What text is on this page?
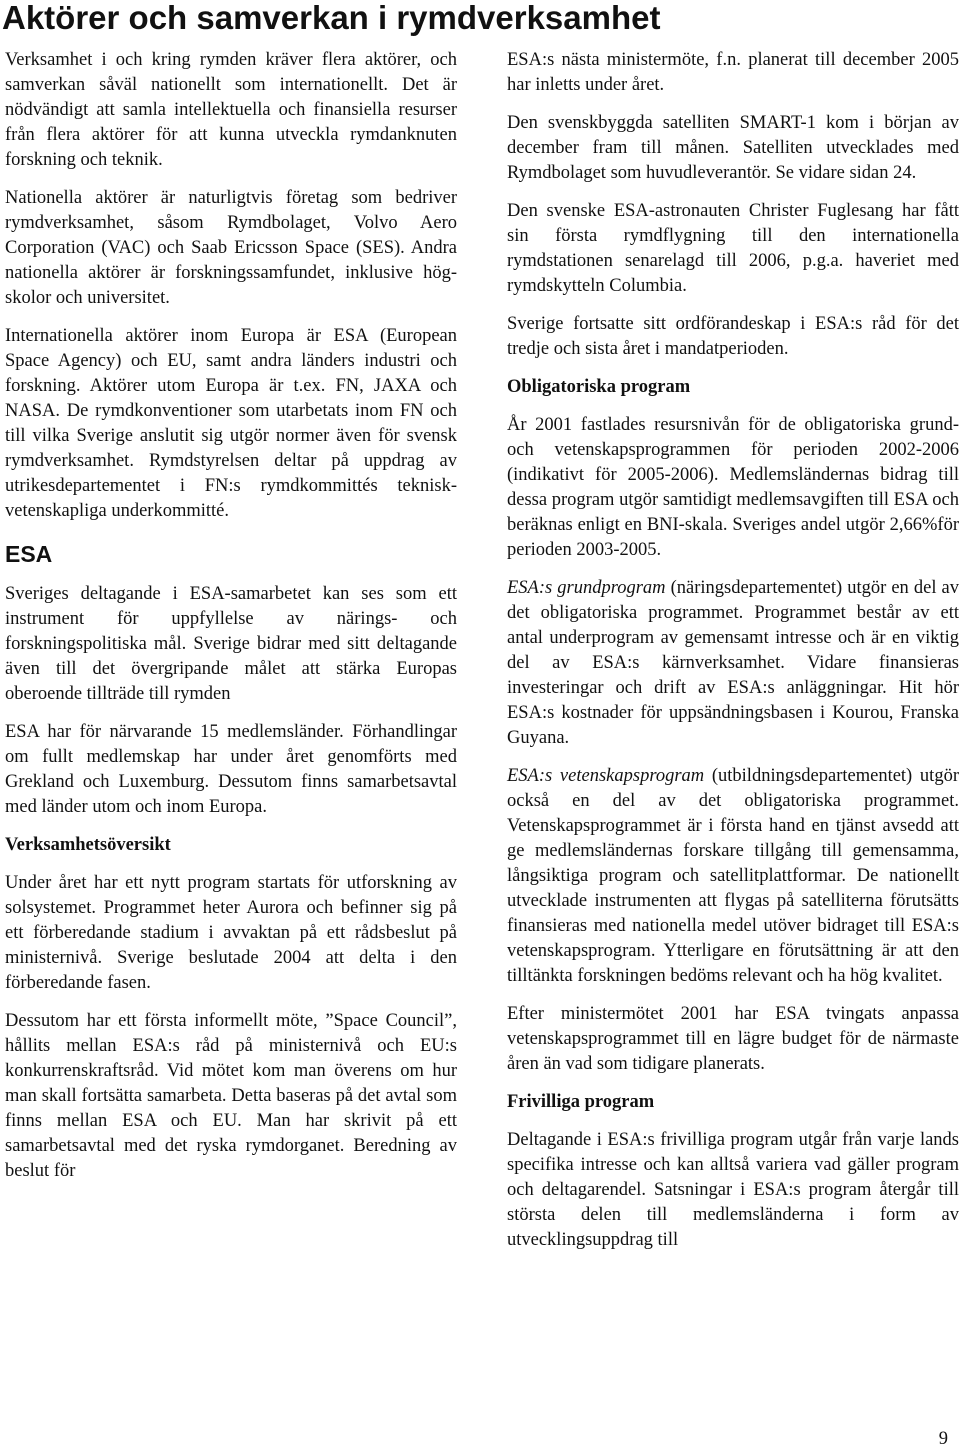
Aktörer och samverkan i rymdverksamhet

Verksamhet i och kring rymden kräver flera aktörer, och samverkan såväl nationellt som internationellt. Det är nödvändigt att samla intellektuella och finansiella resurser från flera aktörer för att kunna utveckla rymdanknuten forskning och teknik.

Nationella aktörer är naturligtvis företag som bedriver rymdverksamhet, såsom Rymdbolaget, Volvo Aero Corporation (VAC) och Saab Ericsson Space (SES). Andra nationella aktörer är forskningssamfundet, inklusive hög-skolor och universitet.

Internationella aktörer inom Europa är ESA (European Space Agency) och EU, samt andra länders industri och forskning. Aktörer utom Europa är t.ex. FN, JAXA och NASA. De rymdkonventioner som utarbetats inom FN och till vilka Sverige anslutit sig utgör normer även för svensk rymdverksamhet. Rymdstyrelsen deltar på uppdrag av utrikesdepartementet i FN:s rymdkommittés teknisk-vetenskapliga underkommitté.

ESA

Sveriges deltagande i ESA-samarbetet kan ses som ett instrument för uppfyllelse av närings- och forskningspolitiska mål. Sverige bidrar med sitt deltagande även till det övergripande målet att stärka Europas oberoende tillträde till rymden

ESA har för närvarande 15 medlemsländer. Förhandlingar om fullt medlemskap har under året genomförts med Grekland och Luxemburg. Dessutom finns samarbetsavtal med länder utom och inom Europa.

Verksamhetsöversikt

Under året har ett nytt program startats för utforskning av solsystemet. Programmet heter Aurora och befinner sig på ett förberedande stadium i avvaktan på ett rådsbeslut på ministernivå. Sverige beslutade 2004 att delta i den förberedande fasen.

Dessutom har ett första informellt möte, ”Space Council”, hållits mellan ESA:s råd på ministernivå och EU:s konkurrenskraftsråd. Vid mötet kom man överens om hur man skall fortsätta samarbeta. Detta baseras på det avtal som finns mellan ESA och EU. Man har skrivit på ett samarbetsavtal med det ryska rymdorganet. Beredning av beslut för

ESA:s nästa ministermöte, f.n. planerat till december 2005 har inletts under året.

Den svenskbyggda satelliten SMART-1 kom i början av december fram till månen. Satelliten utvecklades med Rymdbolaget som huvudleverantör. Se vidare sidan 24.

Den svenske ESA-astronauten Christer Fuglesang har fått sin första rymdflygning till den internationella rymdstationen senarelagd till 2006, p.g.a. haveriet med rymdskytteln Columbia.

Sverige fortsatte sitt ordförandeskap i ESA:s råd för det tredje och sista året i mandatperioden.

Obligatoriska program

År 2001 fastlades resursnivån för de obligatoriska grund- och vetenskapsprogrammen för perioden 2002-2006 (indikativt för 2005-2006). Medlemsländernas bidrag till dessa program utgör samtidigt medlemsavgiften till ESA och beräknas enligt en BNI-skala. Sveriges andel utgör 2,66%för perioden 2003-2005.

ESA:s grundprogram (näringsdepartementet) utgör en del av det obligatoriska programmet. Programmet består av ett antal underprogram av gemensamt intresse och är en viktig del av ESA:s kärnverksamhet. Vidare finansieras investeringar och drift av ESA:s anläggningar. Hit hör ESA:s kostnader för uppsändningsbasen i Kourou, Franska Guyana.

ESA:s vetenskapsprogram (utbildningsdepartementet) utgör också en del av det obligatoriska programmet. Vetenskapsprogrammet är i första hand en tjänst avsedd att ge medlemsländernas forskare tillgång till gemensamma, långsiktiga program och satellitplattformar. De nationellt utvecklade instrumenten att flygas på satelliterna förutsätts finansieras med nationella medel utöver bidraget till ESA:s vetenskapsprogram. Ytterligare en förutsättning är att den tilltänkta forskningen bedöms relevant och ha hög kvalitet.

Efter ministermötet 2001 har ESA tvingats anpassa vetenskapsprogrammet till en lägre budget för de närmaste åren än vad som tidigare planerats.

Frivilliga program

Deltagande i ESA:s frivilliga program utgår från varje lands specifika intresse och kan alltså variera vad gäller program och deltagarendel. Satsningar i ESA:s program återgår till största delen till medlemsländerna i form av utvecklingsuppdrag till

9
